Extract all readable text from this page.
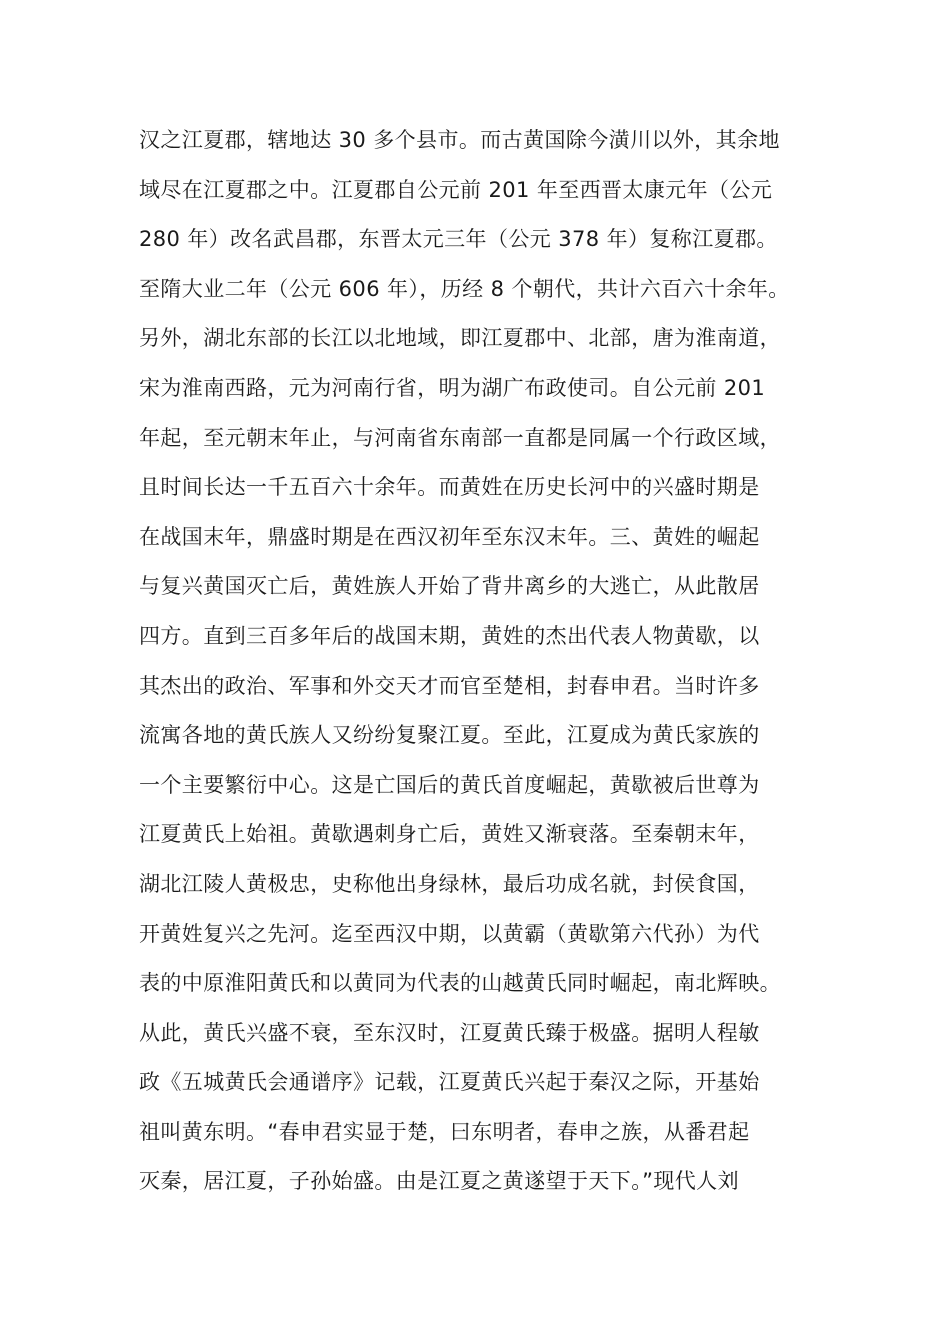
汉之江夏郡，辖地达 30 多个县市。而古黄国除今潢川以外，其余地
域尽在江夏郡之中。江夏郡自公元前 201 年至西晋太康元年（公元
280 年）改名武昌郡，东晋太元三年（公元 378 年）复称江夏郡。
至隋大业二年（公元 606 年），历经 8 个朝代，共计六百六十余年。
另外，湖北东部的长江以北地域，即江夏郡中、北部，唐为淮南道，
宋为淮南西路，元为河南行省，明为湖广布政使司。自公元前 201
年起，至元朝末年止，与河南省东南部一直都是同属一个行政区域，
且时间长达一千五百六十余年。而黄姓在历史长河中的兴盛时期是
在战国末年，鼎盛时期是在西汉初年至东汉末年。三、黄姓的崛起
与复兴黄国灭亡后，黄姓族人开始了背井离乡的大逃亡，从此散居
四方。直到三百多年后的战国末期，黄姓的杰出代表人物黄歇，以
其杰出的政治、军事和外交天才而官至楚相，封春申君。当时许多
流寓各地的黄氏族人又纷纷复聚江夏。至此，江夏成为黄氏家族的
一个主要繁衍中心。这是亡国后的黄氏首度崛起，黄歇被后世尊为
江夏黄氏上始祖。黄歇遇刺身亡后，黄姓又渐衰落。至秦朝末年，
湖北江陵人黄极忠，史称他出身绿林，最后功成名就，封侯食国，
开黄姓复兴之先河。迄至西汉中期，以黄霸（黄歇第六代孙）为代
表的中原淮阳黄氏和以黄同为代表的山越黄氏同时崛起，南北辉映。
从此，黄氏兴盛不衰，至东汉时，江夏黄氏臻于极盛。据明人程敏
政《五城黄氏会通谱序》记载，江夏黄氏兴起于秦汉之际，开基始
祖叫黄东明。“春申君实显于楚，曰东明者，春申之族，从番君起
灭秦，居江夏，子孙始盛。由是江夏之黄遂望于天下。”现代人刘
